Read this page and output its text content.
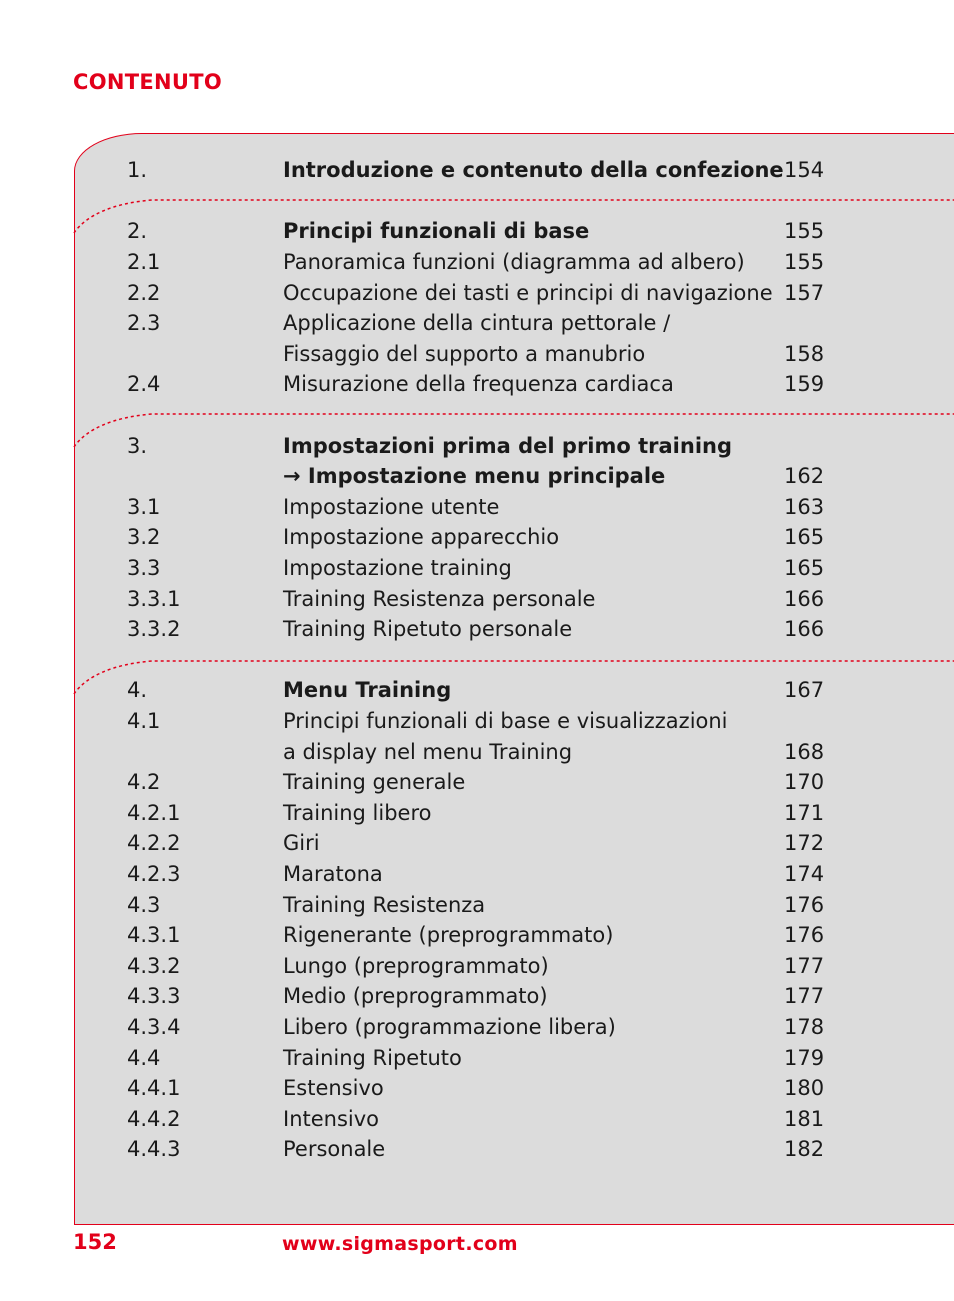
CONTENUTO
1.	Introduzione e contenuto della confezione 154
2.	Principi funzionali di base	155
2.1	Panoramica funzioni (diagramma ad albero) 155
2.2	Occupazione dei tasti e principi di navigazione 157
2.3	Applicazione della cintura pettorale /
Fissaggio del supporto a manubrio	158
2.4	Misurazione della frequenza cardiaca	159
3.	Impostazioni prima del primo training
→ Impostazione menu principale	162
3.1	Impostazione utente	163
3.2	Impostazione apparecchio	165
3.3	Impostazione training	165
3.3.1	Training Resistenza personale	166
3.3.2	Training Ripetuto personale	166
4.	Menu Training	167
4.1	Principi funzionali di base e visualizzazioni
a display nel menu Training	168
4.2	Training generale	170
4.2.1	Training libero	171
4.2.2	Giri	172
4.2.3	Maratona	174
4.3	Training Resistenza	176
4.3.1	Rigenerante (preprogrammato)	176
4.3.2	Lungo (preprogrammato)	177
4.3.3	Medio (preprogrammato)	177
4.3.4	Libero (programmazione libera)	178
4.4	Training Ripetuto	179
4.4.1	Estensivo	180
4.4.2	Intensivo	181
4.4.3	Personale	182
152	www.sigmasport.com
